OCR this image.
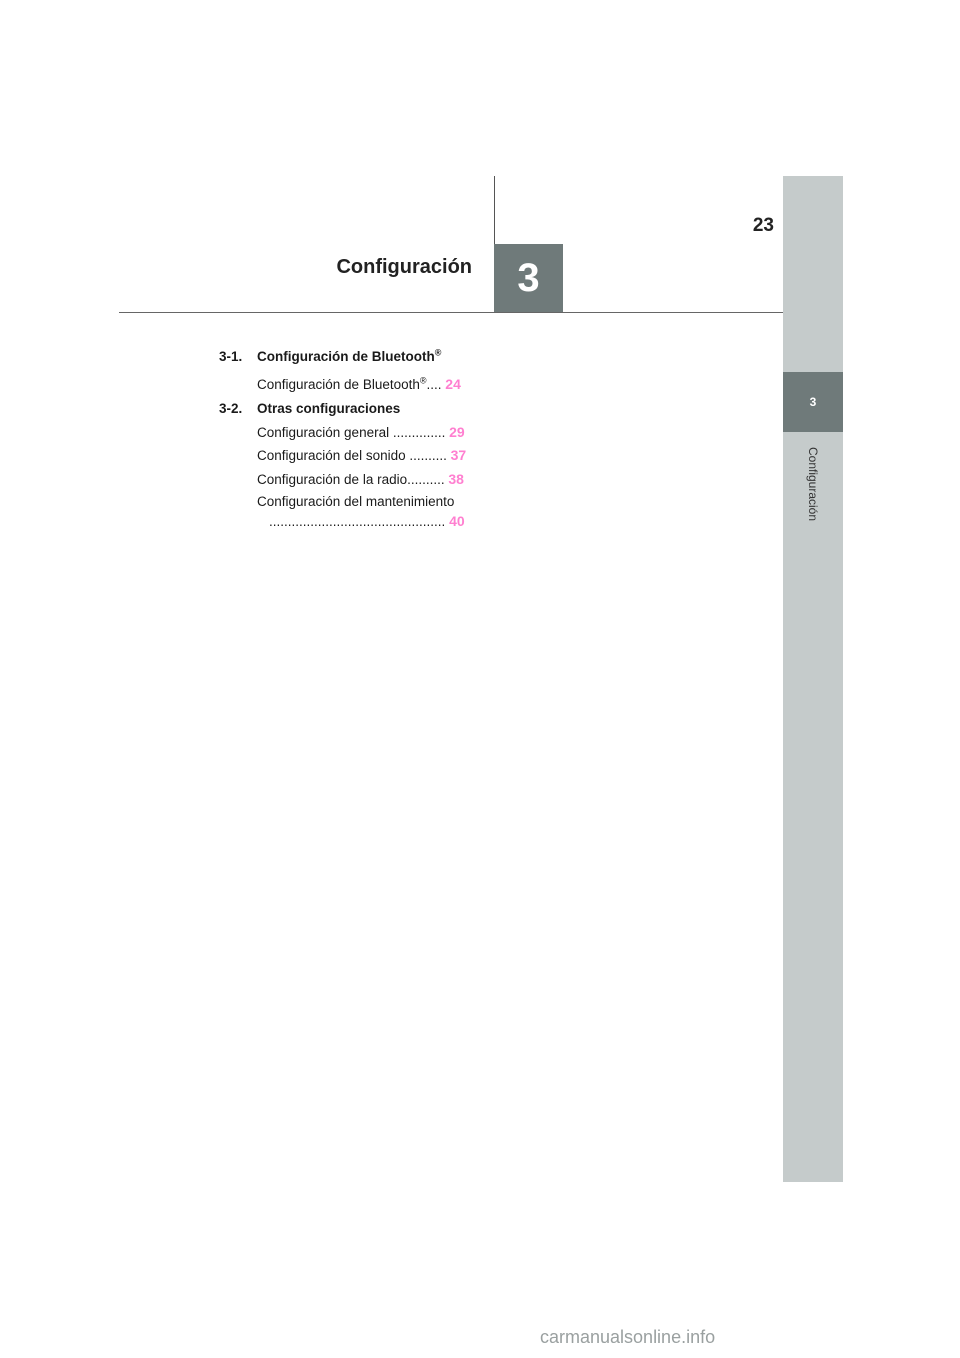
Configuración	3
23
3
Configuración
3-1. Configuración de Bluetooth®
Configuración de Bluetooth®.... 24
3-2. Otras configuraciones
Configuración general .............. 29
Configuración del sonido .......... 37
Configuración de la radio.......... 38
Configuración del mantenimiento
............................................... 40
carmanualsonline.info
